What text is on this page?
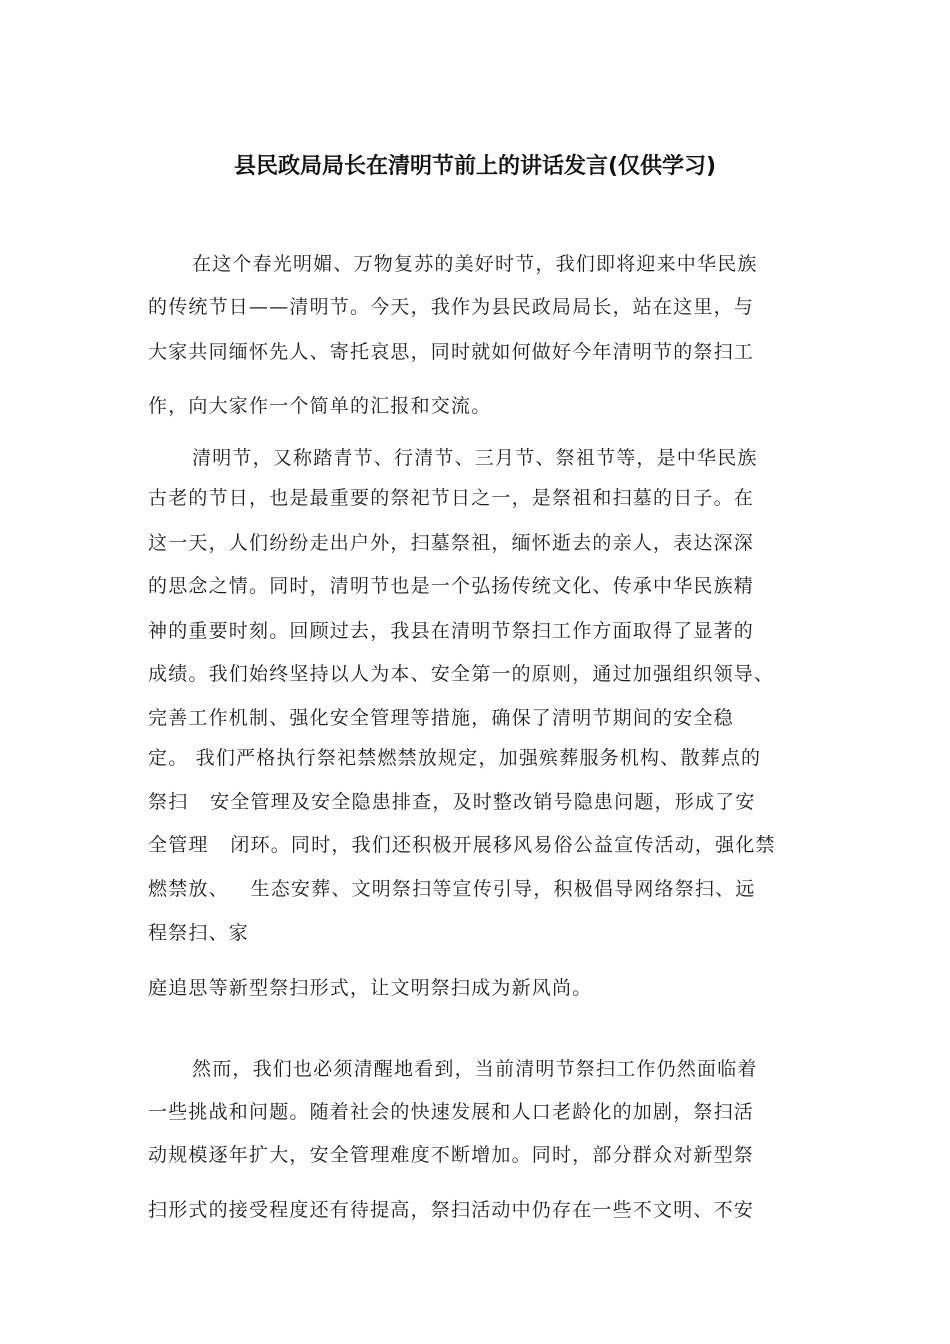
县民政局局长在清明节前上的讲话发言(仅供学习)
在这个春光明媚、万物复苏的美好时节，我们即将迎来中华民族
的传统节日——清明节。今天，我作为县民政局局长，站在这里，与
大家共同缅怀先人、寄托哀思，同时就如何做好今年清明节的祭扫工
作，向大家作一个简单的汇报和交流。
清明节，又称踏青节、行清节、三月节、祭祖节等，是中华民族
古老的节日，也是最重要的祭祀节日之一，是祭祖和扫墓的日子。在
这一天，人们纷纷走出户外，扫墓祭祖，缅怀逝去的亲人，表达深深
的思念之情。同时，清明节也是一个弘扬传统文化、传承中华民族精
神的重要时刻。回顾过去，我县在清明节祭扫工作方面取得了显著的
成绩。我们始终坚持以人为本、安全第一的原则，通过加强组织领导、
完善工作机制、强化安全管理等措施，确保了清明节期间的安全稳
定。 我们严格执行祭祀禁燃禁放规定，加强殡葬服务机构、散葬点的
祭扫   安全管理及安全隐患排查，及时整改销号隐患问题，形成了安
全管理   闭环。同时，我们还积极开展移风易俗公益宣传活动，强化禁
燃禁放、   生态安葬、文明祭扫等宣传引导，积极倡导网络祭扫、远
程祭扫、家
庭追思等新型祭扫形式，让文明祭扫成为新风尚。
然而，我们也必须清醒地看到，当前清明节祭扫工作仍然面临着
一些挑战和问题。随着社会的快速发展和人口老龄化的加剧，祭扫活
动规模逐年扩大，安全管理难度不断增加。同时，部分群众对新型祭
扫形式的接受程度还有待提高，祭扫活动中仍存在一些不文明、不安
